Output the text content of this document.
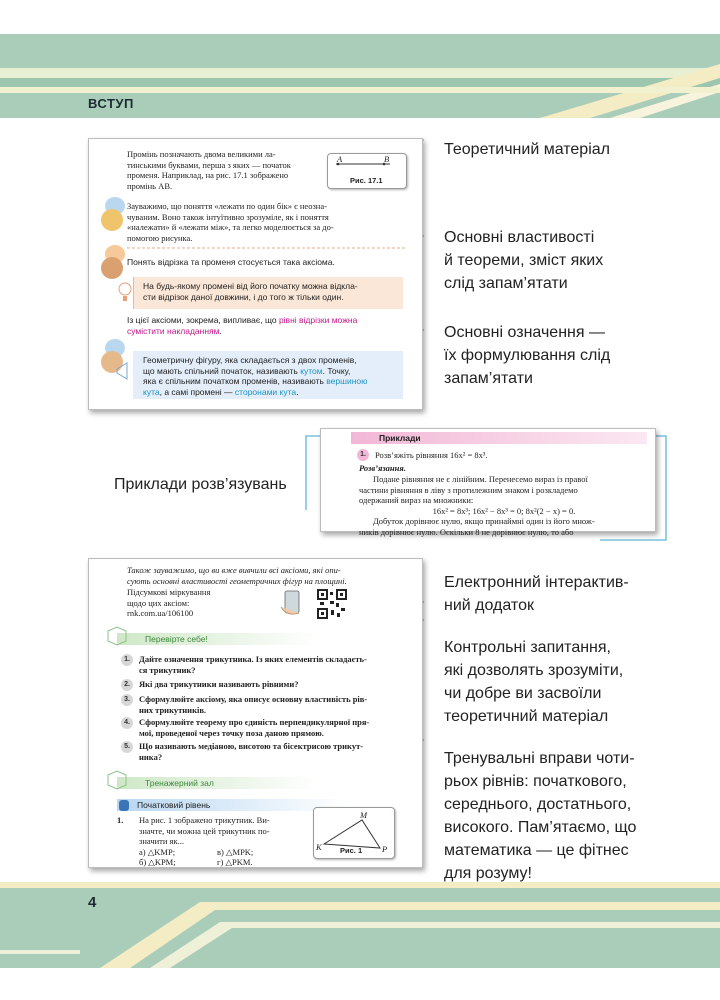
ВСТУП
4
Теоретичний матеріал
Основні властивості
й теореми, зміст яких
слід запам’ятати
Основні означення —
їх формулювання слід
запам’ятати
Приклади розв’язувань
Електронний інтерактив-
ний додаток
Контрольні запитання,
які дозволять зрозуміти,
чи добре ви засвоїли
теоретичний матеріал
Тренувальні вправи чоти-
рьох рівнів: початкового,
середнього, достатнього,
високого. Пам’ятаємо, що
математика — це фітнес
для розуму!
Промінь позначають двома великими ла-
тинськими буквами, перша з яких — початок
променя. Наприклад, на рис. 17.1 зображено
промінь AB.
A	B
Рис. 17.1
Зауважимо, що поняття «лежати по один бік» є неозна-
чуваним. Воно також інтуїтивно зрозуміле, як і поняття
«належати» й «лежати між», та легко моделюється за до-
помогою рисунка.
Понять відрізка та променя стосується така аксіома.
На будь-якому промені від його початку можна відкла-
сти відрізок даної довжини, і до того ж тільки один.
Із цієї аксіоми, зокрема, випливає, що рівні відрізки можна
сумістити накладанням.
Геометричну фігуру, яка складається з двох променів,
що мають спільний початок, називають кутом. Точку,
яка є спільним початком променів, називають вершиною
кута, а самі промені — сторонами кута.
Приклади
1.	Розв’яжіть рівняння 16x² = 8x³.
Розв’язання.
Подане рівняння не є лінійним. Перенесемо вираз із правої
частини рівняння в ліву з протилежним знаком і розкладемо
одержаний вираз на множники:
16x² = 8x³; 16x² − 8x³ = 0; 8x²(2 − x) = 0.
Добуток дорівнює нулю, якщо принаймні один із його множ-
ників дорівнює нулю. Оскільки 8 не дорівнює нулю, то або
Також зауважимо, що ви вже вивчили всі аксіоми, які опи-
сують основні властивості геометричних фігур на площині.
Підсумкові міркування
щодо цих аксіом:
rnk.com.ua/106100
Перевірте себе!
1.	Дайте означення трикутника. Із яких елементів складаєть-
ся трикутник?
2.	Які два трикутники називають рівними?
3.	Сформулюйте аксіому, яка описує основну властивість рів-
них трикутників.
4.	Сформулюйте теорему про єдиність перпендикулярної пря-
мої, проведеної через точку поза даною прямою.
5.	Що називають медіаною, висотою та бісектрисою трикут-
ника?
Тренажерний зал
Початковий рівень
1. На рис. 1 зображено трикутник. Ви-
значте, чи можна цей трикутник по-
значити як...
а) △KMP;	в) △MPK;
б) △KPM;	г) △PKM.
K
M
P
Рис. 1
